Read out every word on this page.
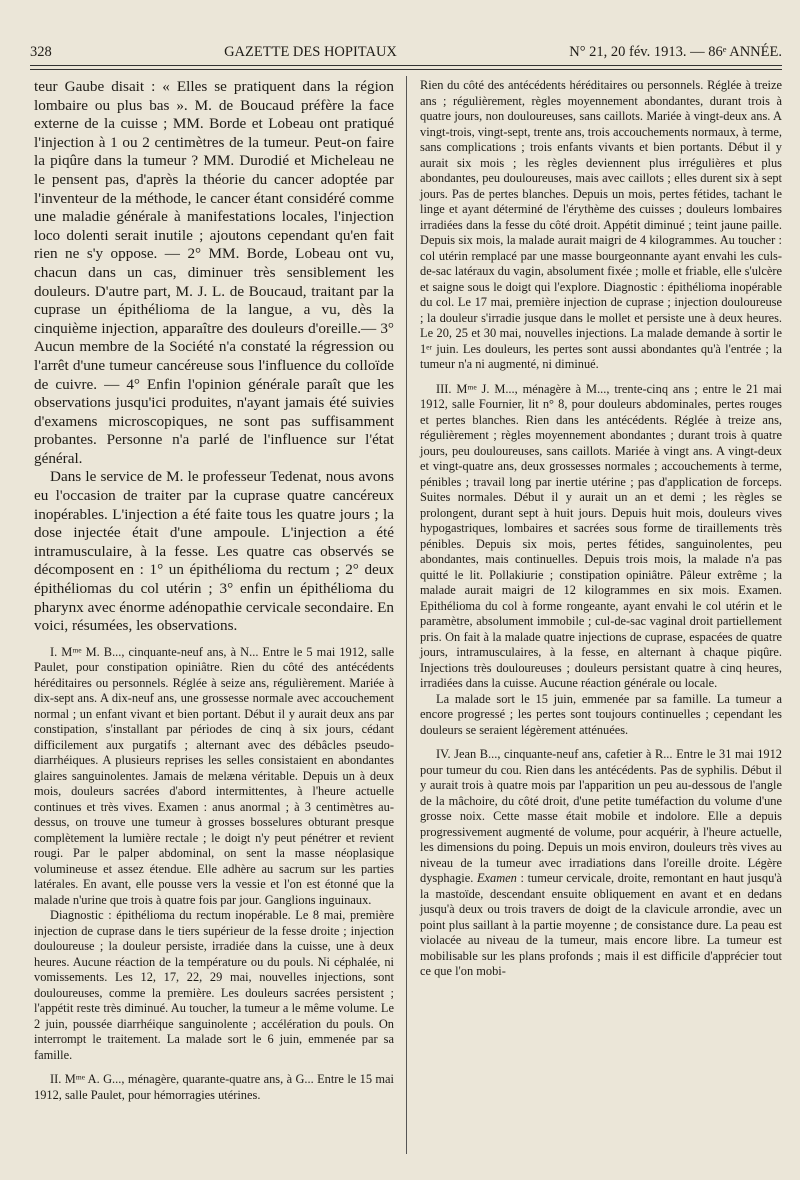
328	GAZETTE DES HOPITAUX	N° 21, 20 fév. 1913. — 86ᵉ ANNÉE.

teur Gaube disait : « Elles se pratiquent dans la région lombaire ou plus bas ». M. de Boucaud préfère la face externe de la cuisse ; MM. Borde et Lobeau ont pratiqué l'injection à 1 ou 2 centimètres de la tumeur. Peut-on faire la piqûre dans la tumeur ? MM. Durodié et Micheleau ne le pensent pas, d'après la théorie du cancer adoptée par l'inventeur de la méthode, le cancer étant considéré comme une maladie générale à manifestations locales, l'injection loco dolenti serait inutile ; ajoutons cependant qu'en fait rien ne s'y oppose. — 2° MM. Borde, Lobeau ont vu, chacun dans un cas, diminuer très sensiblement les douleurs. D'autre part, M. J. L. de Boucaud, traitant par la cuprase un épithélioma de la langue, a vu, dès la cinquième injection, apparaître des douleurs d'oreille.— 3° Aucun membre de la Société n'a constaté la régression ou l'arrêt d'une tumeur cancéreuse sous l'influence du colloïde de cuivre. — 4° Enfin l'opinion générale paraît que les observations jusqu'ici produites, n'ayant jamais été suivies d'examens microscopiques, ne sont pas suffisamment probantes. Personne n'a parlé de l'influence sur l'état général.

Dans le service de M. le professeur Tedenat, nous avons eu l'occasion de traiter par la cuprase quatre cancéreux inopérables. L'injection a été faite tous les quatre jours ; la dose injectée était d'une ampoule. L'injection a été intramusculaire, à la fesse. Les quatre cas observés se décomposent en : 1° un épithélioma du rectum ; 2° deux épithéliomas du col utérin ; 3° enfin un épithélioma du pharynx avec énorme adénopathie cervicale secondaire. En voici, résumées, les observations.

I. Mᵐᵉ M. B..., cinquante-neuf ans, à N... Entre le 5 mai 1912, salle Paulet, pour constipation opiniâtre. Rien du côté des antécédents héréditaires ou personnels. Réglée à seize ans, régulièrement. Mariée à dix-sept ans. A dix-neuf ans, une grossesse normale avec accouchement normal ; un enfant vivant et bien portant. Début il y aurait deux ans par constipation, s'installant par périodes de cinq à six jours, cédant difficilement aux purgatifs ; alternant avec des débâcles pseudo-diarrhéiques. A plusieurs reprises les selles consistaient en abondantes glaires sanguinolentes. Jamais de melæna véritable. Depuis un à deux mois, douleurs sacrées d'abord intermittentes, à l'heure actuelle continues et très vives. Examen : anus anormal ; à 3 centimètres au-dessus, on trouve une tumeur à grosses bosselures obturant presque complètement la lumière rectale ; le doigt n'y peut pénétrer et revient rougi. Par le palper abdominal, on sent la masse néoplasique volumineuse et assez étendue. Elle adhère au sacrum sur les parties latérales. En avant, elle pousse vers la vessie et l'on est étonné que la malade n'urine que trois à quatre fois par jour. Ganglions inguinaux.

Diagnostic : épithélioma du rectum inopérable. Le 8 mai, première injection de cuprase dans le tiers supérieur de la fesse droite ; injection douloureuse ; la douleur persiste, irradiée dans la cuisse, une à deux heures. Aucune réaction de la température ou du pouls. Ni céphalée, ni vomissements. Les 12, 17, 22, 29 mai, nouvelles injections, sont douloureuses, comme la première. Les douleurs sacrées persistent ; l'appétit reste très diminué. Au toucher, la tumeur a le même volume. Le 2 juin, poussée diarrhéique sanguinolente ; accélération du pouls. On interrompt le traitement. La malade sort le 6 juin, emmenée par sa famille.

II. Mᵐᵉ A. G..., ménagère, quarante-quatre ans, à G... Entre le 15 mai 1912, salle Paulet, pour hémorragies utérines.

Rien du côté des antécédents héréditaires ou personnels. Réglée à treize ans ; régulièrement, règles moyennement abondantes, durant trois à quatre jours, non douloureuses, sans caillots. Mariée à vingt-deux ans. A vingt-trois, vingt-sept, trente ans, trois accouchements normaux, à terme, sans complications ; trois enfants vivants et bien portants. Début il y aurait six mois ; les règles deviennent plus irrégulières et plus abondantes, peu douloureuses, mais avec caillots ; elles durent six à sept jours. Pas de pertes blanches. Depuis un mois, pertes fétides, tachant le linge et ayant déterminé de l'érythème des cuisses ; douleurs lombaires irradiées dans la fesse du côté droit. Appétit diminué ; teint jaune paille. Depuis six mois, la malade aurait maigri de 4 kilogrammes. Au toucher : col utérin remplacé par une masse bourgeonnante ayant envahi les culs-de-sac latéraux du vagin, absolument fixée ; molle et friable, elle s'ulcère et saigne sous le doigt qui l'explore. Diagnostic : épithélioma inopérable du col. Le 17 mai, première injection de cuprase ; injection douloureuse ; la douleur s'irradie jusque dans le mollet et persiste une à deux heures. Le 20, 25 et 30 mai, nouvelles injections. La malade demande à sortir le 1ᵉʳ juin. Les douleurs, les pertes sont aussi abondantes qu'à l'entrée ; la tumeur n'a ni augmenté, ni diminué.

III. Mᵐᵉ J. M..., ménagère à M..., trente-cinq ans ; entre le 21 mai 1912, salle Fournier, lit n° 8, pour douleurs abdominales, pertes rouges et pertes blanches. Rien dans les antécédents. Réglée à treize ans, régulièrement ; règles moyennement abondantes ; durant trois à quatre jours, peu douloureuses, sans caillots. Mariée à vingt ans. A vingt-deux et vingt-quatre ans, deux grossesses normales ; accouchements à terme, pénibles ; travail long par inertie utérine ; pas d'application de forceps. Suites normales. Début il y aurait un an et demi ; les règles se prolongent, durant sept à huit jours. Depuis huit mois, douleurs vives hypogastriques, lombaires et sacrées sous forme de tiraillements très pénibles. Depuis six mois, pertes fétides, sanguinolentes, peu abondantes, mais continuelles. Depuis trois mois, la malade n'a pas quitté le lit. Pollakiurie ; constipation opiniâtre. Pâleur extrême ; la malade aurait maigri de 12 kilogrammes en six mois. Examen. Epithélioma du col à forme rongeante, ayant envahi le col utérin et le paramètre, absolument immobile ; cul-de-sac vaginal droit partiellement pris. On fait à la malade quatre injections de cuprase, espacées de quatre jours, intramusculaires, à la fesse, en alternant à chaque piqûre. Injections très douloureuses ; douleurs persistant quatre à cinq heures, irradiées dans la cuisse. Aucune réaction générale ou locale.

La malade sort le 15 juin, emmenée par sa famille. La tumeur a encore progressé ; les pertes sont toujours continuelles ; cependant les douleurs se seraient légèrement atténuées.

IV. Jean B..., cinquante-neuf ans, cafetier à R... Entre le 31 mai 1912 pour tumeur du cou. Rien dans les antécédents. Pas de syphilis. Début il y aurait trois à quatre mois par l'apparition un peu au-dessous de l'angle de la mâchoire, du côté droit, d'une petite tuméfaction du volume d'une grosse noix. Cette masse était mobile et indolore. Elle a depuis progressivement augmenté de volume, pour acquérir, à l'heure actuelle, les dimensions du poing. Depuis un mois environ, douleurs très vives au niveau de la tumeur avec irradiations dans l'oreille droite. Légère dysphagie. Examen : tumeur cervicale, droite, remontant en haut jusqu'à la mastoïde, descendant ensuite obliquement en avant et en dedans jusqu'à deux ou trois travers de doigt de la clavicule arrondie, avec un point plus saillant à la partie moyenne ; de consistance dure. La peau est violacée au niveau de la tumeur, mais encore libre. La tumeur est mobilisable sur les plans profonds ; mais il est difficile d'apprécier tout ce que l'on mobi-
